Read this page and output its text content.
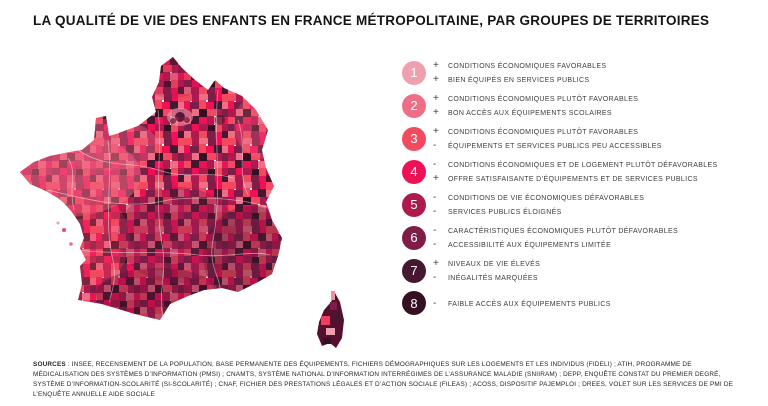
LA QUALITÉ DE VIE DES ENFANTS EN FRANCE MÉTROPOLITAINE, PAR GROUPES DE TERRITOIRES
1	+	CONDITIONS ÉCONOMIQUES FAVORABLES
+	BIEN ÉQUIPÉS EN SERVICES PUBLICS
2	+	CONDITIONS ÉCONOMIQUES PLUTÔT FAVORABLES
+	BON ACCÈS AUX ÉQUIPEMENTS SCOLAIRES
3	+	CONDITIONS ÉCONOMIQUES PLUTÔT FAVORABLES
-	ÉQUIPEMENTS ET SERVICES PUBLICS PEU ACCESSIBLES
4	-	CONDITIONS ÉCONOMIQUES ET DE LOGEMENT PLUTÔT DÉFAVORABLES
+	OFFRE SATISFAISANTE D’ÉQUIPEMENTS ET DE SERVICES PUBLICS
5	-	CONDITIONS DE VIE ÉCONOMIQUES DÉFAVORABLES
-	SERVICES PUBLICS ÉLOIGNÉS
6	-	CARACTÉRISTIQUES ÉCONOMIQUES PLUTÔT DÉFAVORABLES
-	ACCESSIBILITÉ AUX ÉQUIPEMENTS LIMITÉE
7	+	NIVEAUX DE VIE ÉLEVÉS
-	INÉGALITÉS MARQUÉES
8	-	FAIBLE ACCÈS AUX ÉQUIPEMENTS PUBLICS

SOURCES : INSEE, RECENSEMENT DE LA POPULATION, BASE PERMANENTE DES ÉQUIPEMENTS, FICHIERS DÉMOGRAPHIQUES SUR LES LOGEMENTS ET LES INDIVIDUS (FIDELI) ; ATIH, PROGRAMME DE MÉDICALISATION DES SYSTÈMES D’INFORMATION (PMSI) ; CNAMTS, SYSTÈME NATIONAL D’INFORMATION INTERRÉGIMES DE L’ASSURANCE MALADIE (SNIIRAM) ; DEPP, ENQUÊTE CONSTAT DU PREMIER DEGRÉ, SYSTÈME D’INFORMATION-SCOLARITÉ (SI-SCOLARITÉ) ; CNAF, FICHIER DES PRESTATIONS LÉGALES ET D’ACTION SOCIALE (FILEAS) ; ACOSS, DISPOSITIF PAJEMPLOI ; DREES, VOLET SUR LES SERVICES DE PMI DE L’ENQUÊTE ANNUELLE AIDE SOCIALE
